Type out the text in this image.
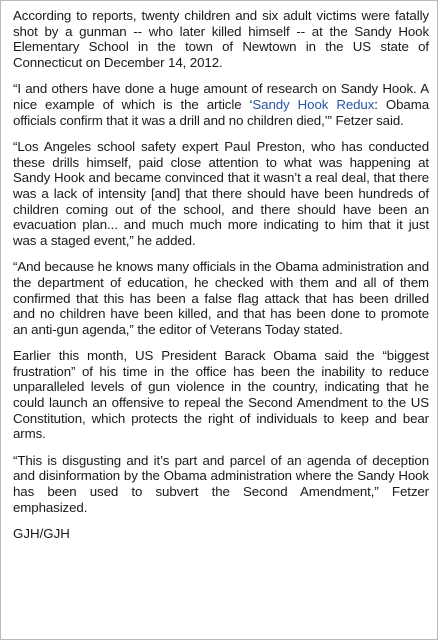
According to reports, twenty children and six adult victims were fatally shot by a gunman -- who later killed himself -- at the Sandy Hook Elementary School in the town of Newtown in the US state of Connecticut on December 14, 2012.

“I and others have done a huge amount of research on Sandy Hook. A nice example of which is the article ‘Sandy Hook Redux: Obama officials confirm that it was a drill and no children died,’” Fetzer said.

“Los Angeles school safety expert Paul Preston, who has conducted these drills himself, paid close attention to what was happening at Sandy Hook and became convinced that it wasn’t a real deal, that there was a lack of intensity [and] that there should have been hundreds of children coming out of the school, and there should have been an evacuation plan... and much much more indicating to him that it just was a staged event,” he added.

“And because he knows many officials in the Obama administration and the department of education, he checked with them and all of them confirmed that this has been a false flag attack that has been drilled and no children have been killed, and that has been done to promote an anti-gun agenda,” the editor of Veterans Today stated.

Earlier this month, US President Barack Obama said the “biggest frustration” of his time in the office has been the inability to reduce unparalleled levels of gun violence in the country, indicating that he could launch an offensive to repeal the Second Amendment to the US Constitution, which protects the right of individuals to keep and bear arms.

“This is disgusting and it’s part and parcel of an agenda of deception and disinformation by the Obama administration where the Sandy Hook has been used to subvert the Second Amendment,” Fetzer emphasized.

GJH/GJH
